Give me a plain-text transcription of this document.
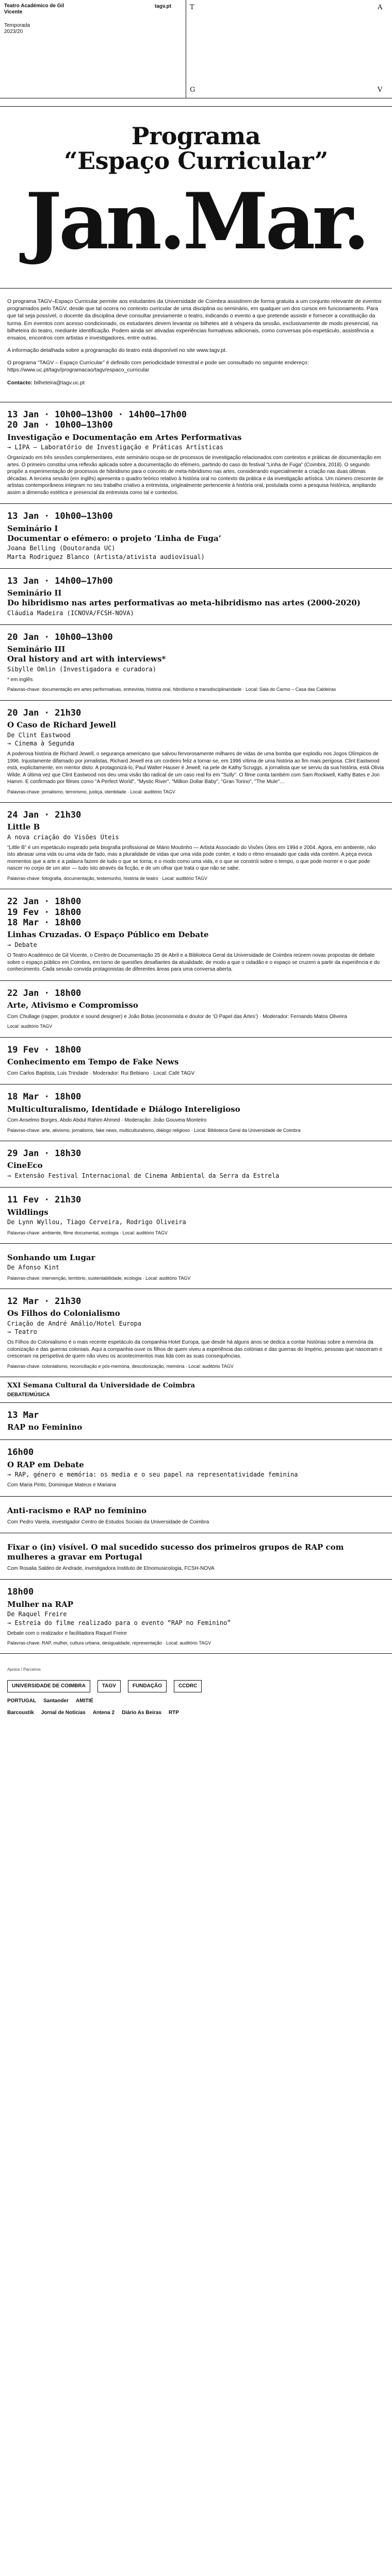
Teatro Académico de Gil Vicente
Temporada
2023/20
tagv.pt	T	A
G	V
Programa
“Espaço Curricular”
Jan.Mar.

O programa TAGV–Espaço Curricular permite aos estudantes da Universidade de Coimbra assistirem de forma gratuita a um conjunto relevante de eventos programados pelo TAGV, desde que tal ocorra no contexto curricular de uma disciplina ou seminário, em qualquer um dos cursos em funcionamento. Para que tal seja possível, o docente da disciplina deve consultar previamente o teatro, indicando o evento a que pretende assistir e fornecer a constituição da turma. Em eventos com acesso condicionado, os estudantes devem levantar os bilhetes até à véspera da sessão, exclusivamente de modo presencial, na bilheteira do teatro, mediante identificação. Podem ainda ser ativadas experiências formativas adicionais, como conversas pós-espetáculo, assistência a ensaios, encontros com artistas e investigadores, entre outras.

A informação detalhada sobre a programação do teatro está disponível no site www.tagv.pt.

O programa “TAGV – Espaço Curricular” é definido com periodicidade trimestral e pode ser consultado no seguinte endereço:
https://www.uc.pt/tagv/programacao/tagv/espaco_curricular

Contacto: bilheteira@tagv.uc.pt

13 Jan · 10h00–13h00 · 14h00–17h00
20 Jan · 10h00–13h00
Investigação e Documentação em Artes Performativas
→ LIPA — Laboratório de Investigação e Práticas Artísticas
Organizado em três sessões complementares, este seminário ocupa-se de processos de investigação relacionados com contextos e práticas de documentação em artes. O primeiro constitui uma reflexão aplicada sobre a documentação do efémero, partindo do caso do festival “Linha de Fuga” (Coimbra, 2018). O segundo propõe a experimentação de processos de hibridismo para o conceito de meta-hibridismo nas artes, considerando especialmente a criação nas duas últimas décadas. A terceira sessão (em inglês) apresenta o quadro teórico relativo à história oral no contexto da prática e da investigação artística. Um número crescente de artistas contemporâneos integram no seu trabalho criativo a entrevista, originalmente pertencente à história oral, postulada como a pesquisa histórica, ampliando assim a dimensão estética e presencial da entrevista como tal e contextos.
13 Jan · 10h00–13h00
Seminário I
Documentar o efémero: o projeto ‘Linha de Fuga’
Joana Belling (Doutoranda UC)
Marta Rodriguez Blanco (Artista/ativista audiovisual)
13 Jan · 14h00–17h00
Seminário II
Do hibridismo nas artes performativas ao meta-hibridismo nas artes (2000-2020)
Cláudia Madeira (ICNOVA/FCSH-NOVA)
20 Jan · 10h00–13h00
Seminário III
Oral history and art with interviews*
Sibylle Omlin (Investigadora e curadora)
* em inglês
Palavras-chave: documentação em artes performativas, entrevista, história oral, hibridismo e transdisciplinaridade · Local: Sala do Carmo – Casa das Caldeiras
20 Jan · 21h30
O Caso de Richard Jewell
De Clint Eastwood
→ Cinema à Segunda
A poderosa história de Richard Jewell, o segurança americano que salvou fervorosamente milhares de vidas de uma bomba que explodiu nos Jogos Olímpicos de 1996. Injustamente difamado por jornalistas, Richard Jewell era um cordeiro feliz a tornar-se, em 1996 vítima de uma história ao fim mais perigosa. Clint Eastwood está, explicitamente, em mentor disto. A protagonizá-lo, Paul Walter Hauser é Jewell; na pele de Kathy Scruggs, a jornalista que se serviu da sua história, está Olivia Wilde. A última vez que Clint Eastwood nos deu uma visão tão radical de um caso real foi em "Sully". O filme conta também com Sam Rockwell, Kathy Bates e Jon Hamm. E confirmado por filmes como "A Perfect World", "Mystic River", "Million Dollar Baby", "Gran Torino", "The Mule"…
Palavras-chave: jornalismo, terrorismo, justiça, identidade · Local: auditório TAGV
24 Jan · 21h30
Little B
A nova criação do Visões Úteis
“Little B” é um espetáculo inspirado pela biografia profissional de Mário Moutinho — Artista Associado do Visões Úteis em 1994 e 2004. Agora, em ambiente, não isto abrasar uma vida ou uma vida de fado, mas a pluralidade de vidas que uma vida pode conter, e todo o ritmo ensaiado que cada vida contém. A peça evoca momentos que a arte e a palavra fazem de tudo o que se torna, e o modo como uma vida, e o que se constrói sobre o tempo, o que pode morrer e o que pode nascer no corpo de um ator — tudo isto através da ficção, e de um olhar que trata o que não se sabe.
Palavras-chave: fotografia, documentação, testemunho, história de teatro · Local: auditório TAGV
22 Jan · 18h00
19 Fev · 18h00
18 Mar · 18h00
Linhas Cruzadas. O Espaço Público em Debate
→ Debate
O Teatro Académico de Gil Vicente, o Centro de Documentação 25 de Abril e a Biblioteca Geral da Universidade de Coimbra reúnem novas propostas de debate sobre o espaço público em Coimbra, em torno de questões desafiantes da atualidade, de modo a que o cidadão e o espaço se cruzem a partir da experiência e do conhecimento. Cada sessão convida protagonistas de diferentes áreas para uma conversa aberta.
22 Jan · 18h00
Arte, Ativismo e Compromisso
Com Chullage (rapper, produtor e sound designer) e Joâo Botas (economista e doutor de ‘O Papel das Artes’) · Moderador: Fernando Matos Oliveira
Local: auditório TAGV
19 Fev · 18h00
Conhecimento em Tempo de Fake News
Com Carlos Baptista, Luis Trindade · Moderador: Rui Bebiano · Local: Café TAGV
18 Mar · 18h00
Multiculturalismo, Identidade e Diálogo Intereligioso
Com Anselmo Borges, Abdo Abdul Rahim Ahmed · Moderação: João Gouveia Monteiro
Palavras-chave: arte, ativismo, jornalismo, fake news, multiculturalismo, diálogo religioso · Local: Biblioteca Geral da Universidade de Coimbra
29 Jan · 18h30
CineEco
→ Extensão Festival Internacional de Cinema Ambiental da Serra da Estrela
11 Fev · 21h30
Wildlings
De Lynn Wyllou, Tiago Cerveira, Rodrigo Oliveira
Palavras-chave: ambiente, filme documental, ecologia · Local: auditório TAGV
Sonhando um Lugar
De Afonso Kint
Palavras-chave: intervenção, território, sustentabilidade, ecologia · Local: auditório TAGV
12 Mar · 21h30
Os Filhos do Colonialismo
Criação de André Amálio/Hotel Europa
→ Teatro
Os Filhos do Colonialismo é o mais recente espetáculo da companhia Hotel Europa, que desde há alguns anos se dedica a contar histórias sobre a memória da colonização e das guerras coloniais. Aqui a companhia ouve os filhos de quem viveu a experiência das colónias e das guerras do Império, pessoas que nasceram e cresceram na perspetiva de quem não viveu os acontecimentos mas lida com as suas consequências.
Palavras-chave: colonialismo, reconciliação e pós-memória, descolonização, memória · Local: auditório TAGV
XXI Semana Cultural da Universidade de Coimbra
DEBATE/MÚSICA
13 Mar
RAP no Feminino
16h00
O RAP em Debate
→ RAP, género e memória: os media e o seu papel na representatividade feminina
Com Maria Pinto, Dominique Mateus e Mariana
Anti-racismo e RAP no feminino
Com Pedro Varela, investigador Centro de Estudos Sociais da Universidade de Coimbra
Fixar o (in) visível. O mal sucedido sucesso dos primeiros grupos de RAP com mulheres a gravar em Portugal
Com Rosalia Saldeo de Andrade, investigadora Instituto de Etnomusicologia, FCSH-NOVA
18h00
Mulher na RAP
De Raquel Freire
→ Estreia do filme realizado para o evento “RAP no Feminino”
Debate com o realizador e facilitadora Raquel Freire
Palavras-chave: RAP, mulher, cultura urbana, desigualdade, representação · Local: auditório TAGV
Apoios / Parceiros
UNIVERSIDADE DE COIMBRA	TAGV	FUNDAÇÃO	CCDRC
PORTUGAL Santander AMITIÉ
Barcoustik Jornal de Notícias Antena 2 Diário As Beiras RTP
